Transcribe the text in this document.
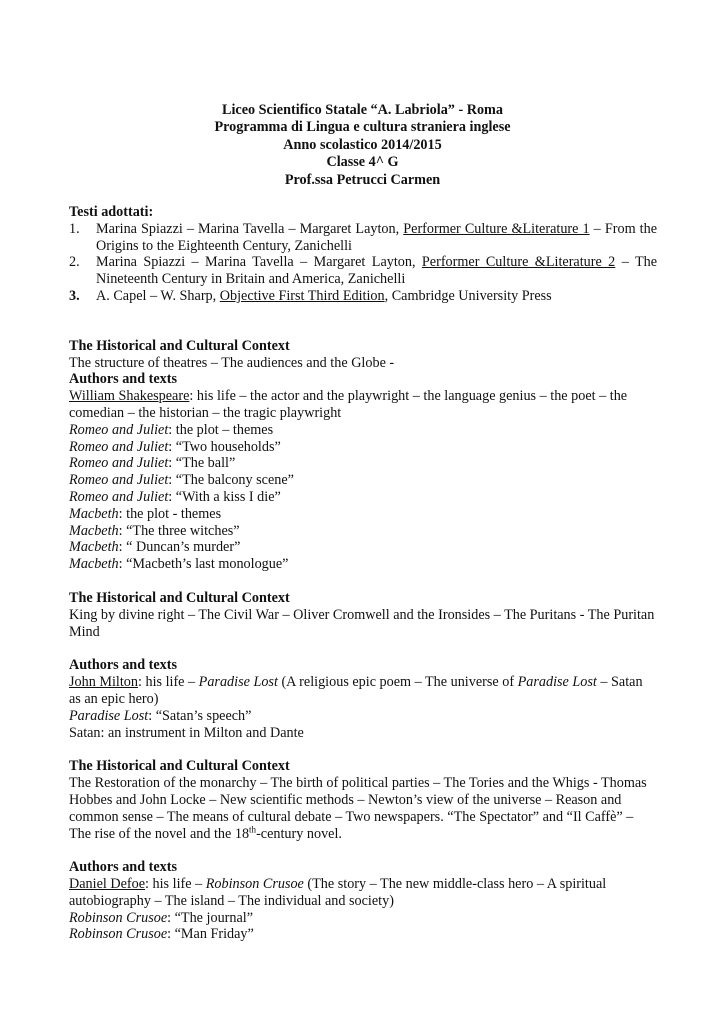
Liceo Scientifico Statale “A. Labriola” - Roma
Programma di Lingua e cultura straniera inglese
Anno scolastico 2014/2015
Classe 4^ G
Prof.ssa Petrucci Carmen
Testi adottati:
1. Marina Spiazzi – Marina Tavella – Margaret Layton, Performer Culture &Literature 1 – From the Origins to the Eighteenth Century, Zanichelli
2. Marina Spiazzi – Marina Tavella – Margaret Layton, Performer Culture &Literature 2 – The Nineteenth Century in Britain and America, Zanichelli
3. A. Capel – W. Sharp, Objective First Third Edition, Cambridge University Press
The Historical and Cultural Context

The structure of theatres – The audiences and the Globe -

Authors and texts

William Shakespeare: his life – the actor and the playwright – the language genius – the poet – the comedian – the historian – the tragic playwright

Romeo and Juliet: the plot – themes

Romeo and Juliet: “Two households”

Romeo and Juliet: “The ball”

Romeo and Juliet: “The balcony scene”

Romeo and Juliet: “With a kiss I die”

Macbeth: the plot - themes

Macbeth: “The three witches”

Macbeth: “ Duncan’s murder”

Macbeth: “Macbeth’s last monologue”

The Historical and Cultural Context

King by divine right – The Civil War – Oliver Cromwell and the Ironsides – The Puritans - The Puritan Mind

Authors and texts

John Milton: his life – Paradise Lost (A religious epic poem – The universe of Paradise Lost – Satan as an epic hero)

Paradise Lost: “Satan’s speech”

Satan: an instrument in Milton and Dante

The Historical and Cultural Context

The Restoration of the monarchy – The birth of political parties – The Tories and the Whigs - Thomas Hobbes and John Locke – New scientific methods – Newton’s view of the universe – Reason and common sense – The means of cultural debate – Two newspapers. “The Spectator” and “Il Caffè” – The rise of the novel and the 18th-century novel.

Authors and texts

Daniel Defoe: his life – Robinson Crusoe (The story – The new middle-class hero – A spiritual autobiography – The island – The individual and society)

Robinson Crusoe: “The journal”

Robinson Crusoe: “Man Friday”
